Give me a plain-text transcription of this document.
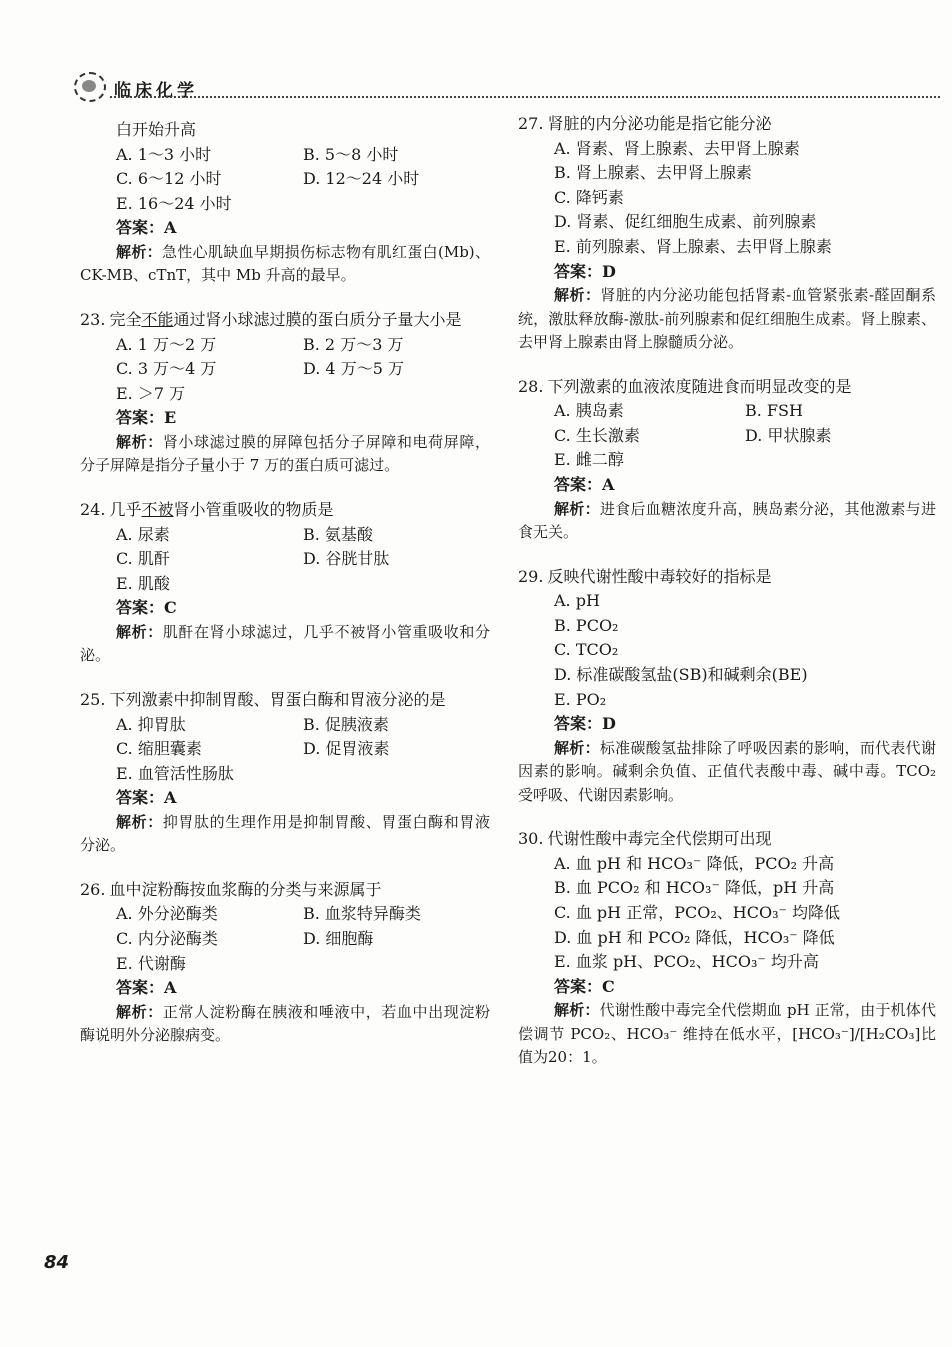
临床化学
白开始升高
A. 1～3 小时	B. 5～8 小时
C. 6～12 小时	D. 12～24 小时
E. 16～24 小时
答案：A
解析：急性心肌缺血早期损伤标志物有肌红蛋白(Mb)、CK-MB、cTnT，其中 Mb 升高的最早。
23. 完全不能通过肾小球滤过膜的蛋白质分子量大小是
A. 1 万～2 万	B. 2 万～3 万
C. 3 万～4 万	D. 4 万～5 万
E. ＞7 万
答案：E
解析：肾小球滤过膜的屏障包括分子屏障和电荷屏障，分子屏障是指分子量小于 7 万的蛋白质可滤过。
24. 几乎不被肾小管重吸收的物质是
A. 尿素	B. 氨基酸
C. 肌酐	D. 谷胱甘肽
E. 肌酸
答案：C
解析：肌酐在肾小球滤过，几乎不被肾小管重吸收和分泌。
25. 下列激素中抑制胃酸、胃蛋白酶和胃液分泌的是
A. 抑胃肽	B. 促胰液素
C. 缩胆囊素	D. 促胃液素
E. 血管活性肠肽
答案：A
解析：抑胃肽的生理作用是抑制胃酸、胃蛋白酶和胃液分泌。
26. 血中淀粉酶按血浆酶的分类与来源属于
A. 外分泌酶类	B. 血浆特异酶类
C. 内分泌酶类	D. 细胞酶
E. 代谢酶
答案：A
解析：正常人淀粉酶在胰液和唾液中，若血中出现淀粉酶说明外分泌腺病变。
27. 肾脏的内分泌功能是指它能分泌
A. 肾素、肾上腺素、去甲肾上腺素
B. 肾上腺素、去甲肾上腺素
C. 降钙素
D. 肾素、促红细胞生成素、前列腺素
E. 前列腺素、肾上腺素、去甲肾上腺素
答案：D
解析：肾脏的内分泌功能包括肾素-血管紧张素-醛固酮系统，激肽释放酶-激肽-前列腺素和促红细胞生成素。肾上腺素、去甲肾上腺素由肾上腺髓质分泌。
28. 下列激素的血液浓度随进食而明显改变的是
A. 胰岛素	B. FSH
C. 生长激素	D. 甲状腺素
E. 雌二醇
答案：A
解析：进食后血糖浓度升高，胰岛素分泌，其他激素与进食无关。
29. 反映代谢性酸中毒较好的指标是
A. pH
B. PCO₂
C. TCO₂
D. 标准碳酸氢盐(SB)和碱剩余(BE)
E. PO₂
答案：D
解析：标准碳酸氢盐排除了呼吸因素的影响，而代表代谢因素的影响。碱剩余负值、正值代表酸中毒、碱中毒。TCO₂ 受呼吸、代谢因素影响。
30. 代谢性酸中毒完全代偿期可出现
A. 血 pH 和 HCO₃⁻ 降低，PCO₂ 升高
B. 血 PCO₂ 和 HCO₃⁻ 降低，pH 升高
C. 血 pH 正常，PCO₂、HCO₃⁻ 均降低
D. 血 pH 和 PCO₂ 降低，HCO₃⁻ 降低
E. 血浆 pH、PCO₂、HCO₃⁻ 均升高
答案：C
解析：代谢性酸中毒完全代偿期血 pH 正常，由于机体代偿调节 PCO₂、HCO₃⁻ 维持在低水平，[HCO₃⁻]/[H₂CO₃]比值为20：1。
84
